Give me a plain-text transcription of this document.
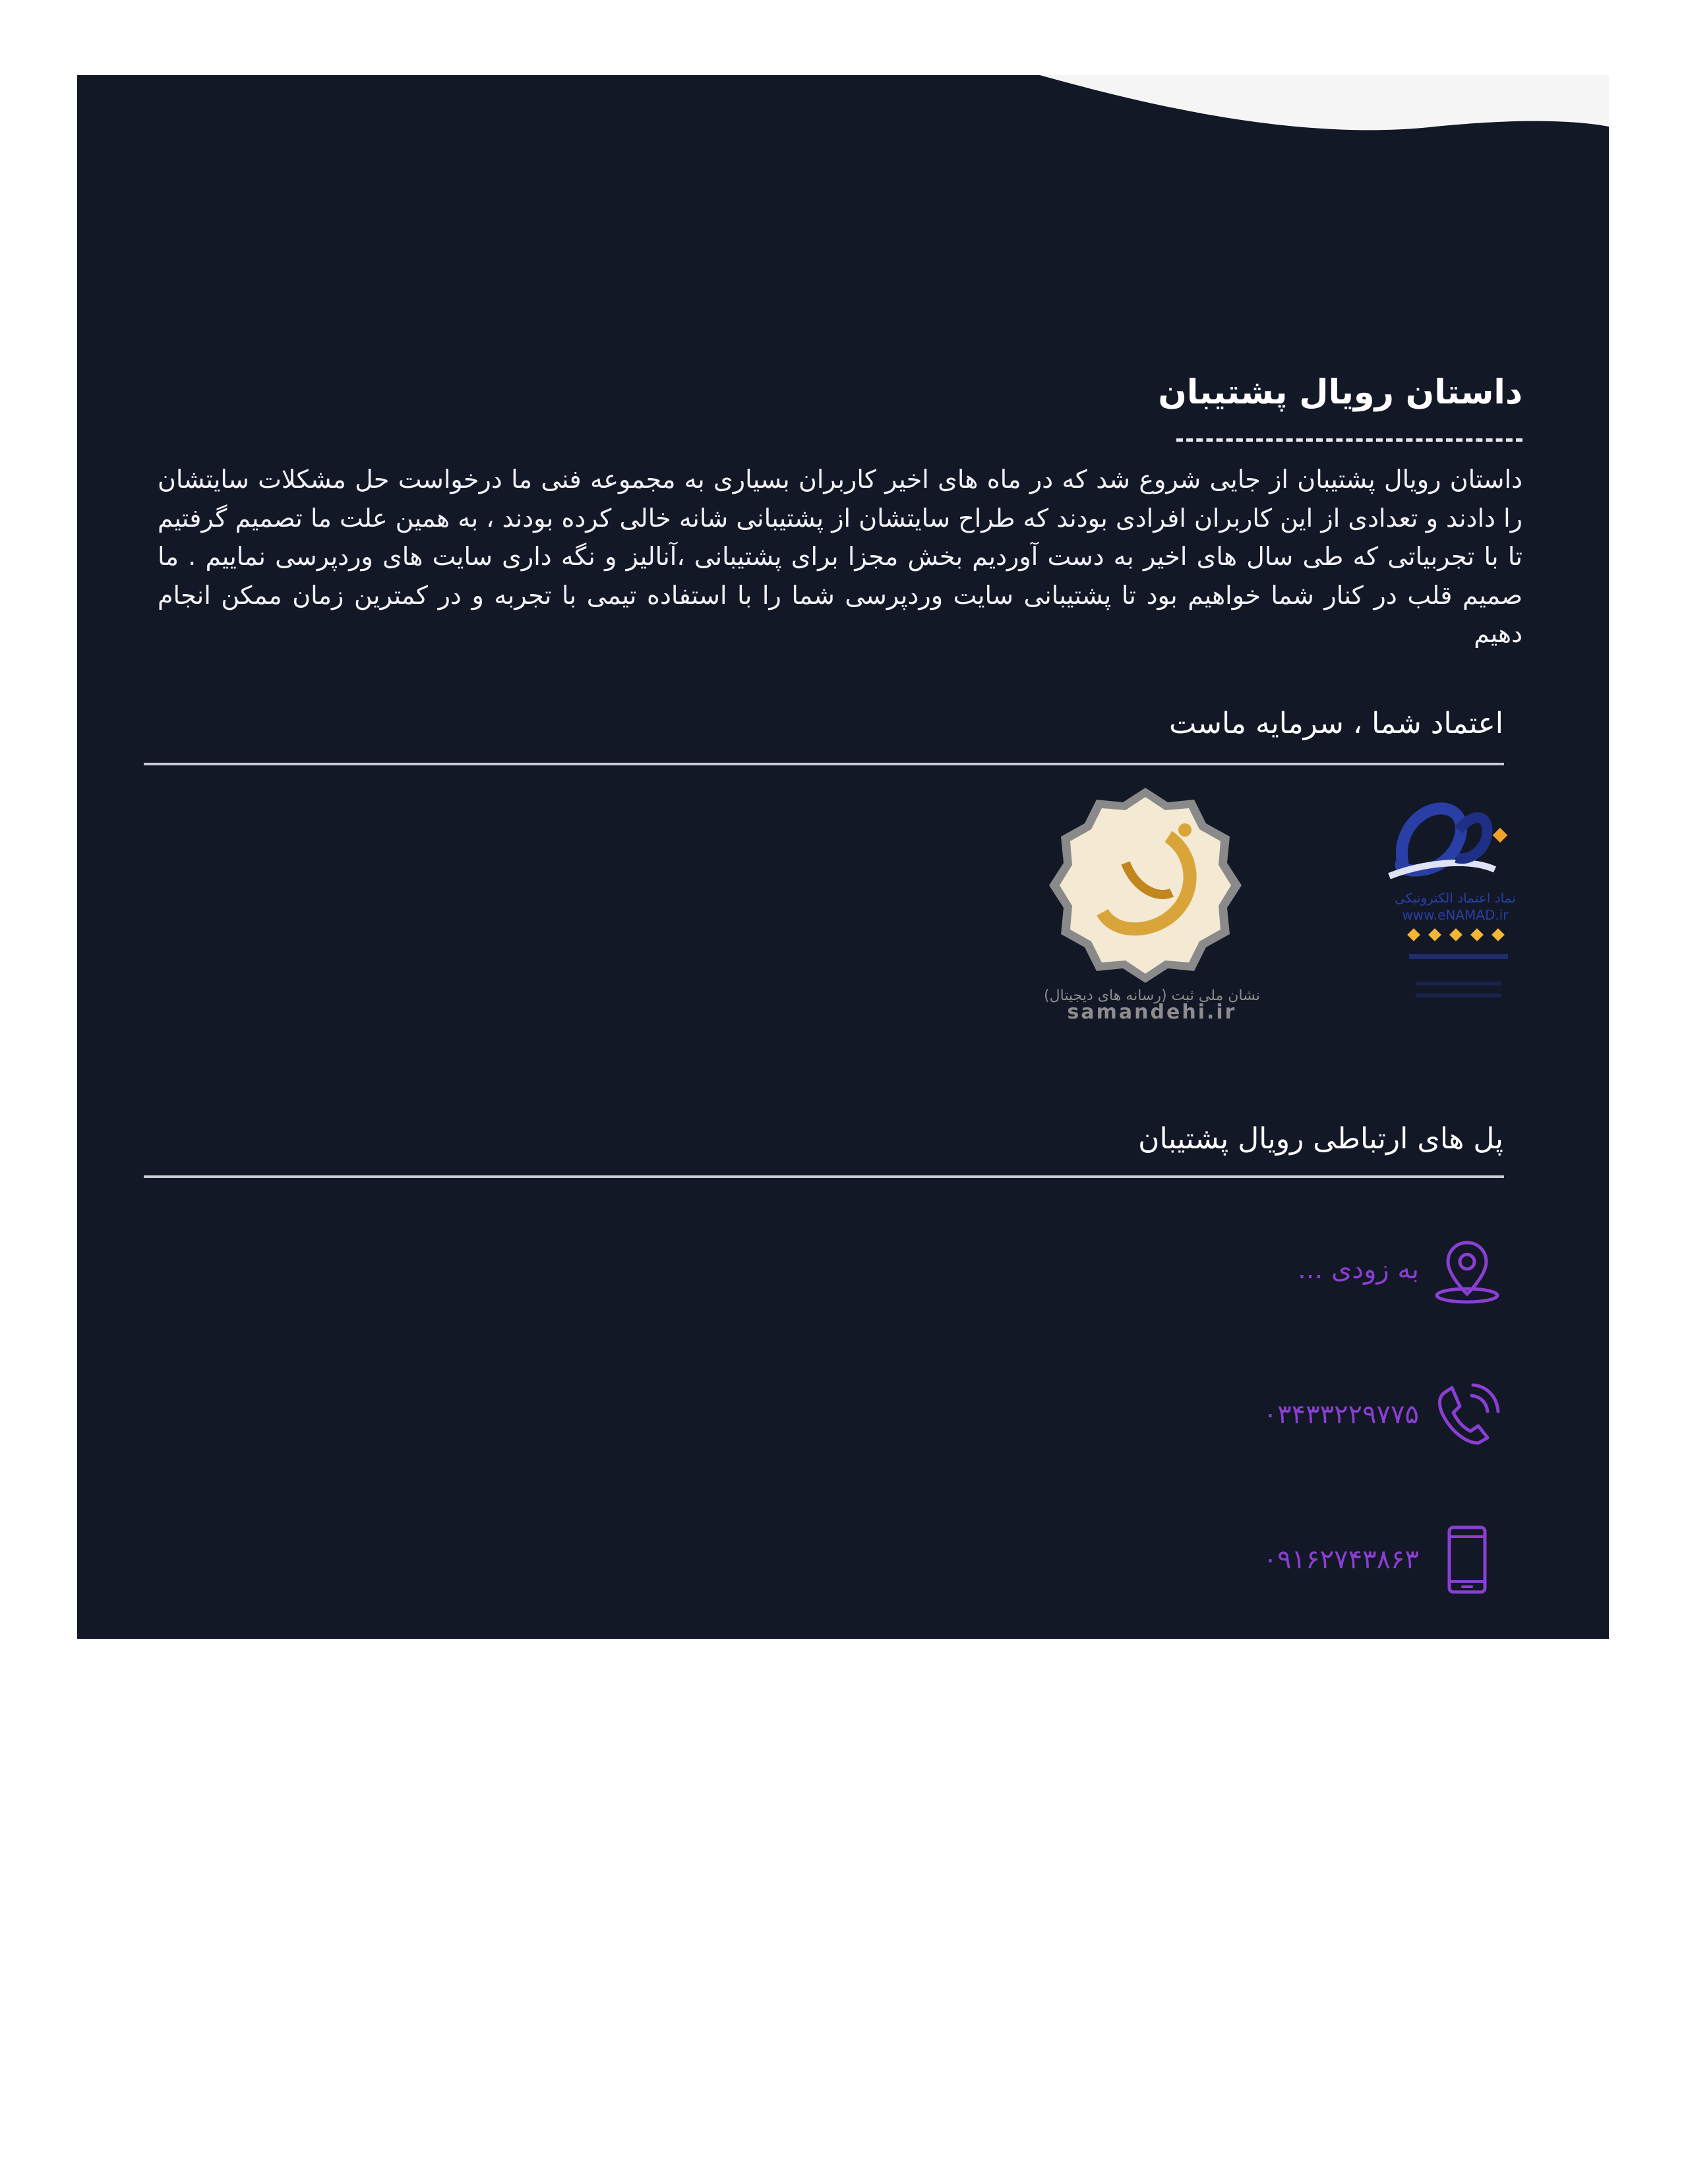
داستان رویال پشتیبان

داستان رویال پشتیبان از جایی شروع شد که در ماه های اخیر کاربران بسیاری به مجموعه فنی ما درخواست حل مشکلات سایتشان را دادند و تعدادی از این کاربران افرادی بودند که طراح سایتشان از پشتیبانی شانه خالی کرده بودند ، به همین علت ما تصمیم گرفتیم تا با تجربیاتی که طی سال های اخیر به دست آوردیم بخش مجزا برای پشتیبانی ،آنالیز و نگه داری سایت های وردپرسی نماییم . ما صمیم قلب در کنار شما خواهیم بود تا پشتیبانی سایت وردپرسی شما را با استفاده تیمی با تجربه و در کمترین زمان ممکن انجام دهیم

اعتماد شما ، سرمایه ماست
نماد اعتماد الکترونیکی
www.eNAMAD.ir
نشان ملی ثبت (رسانه های دیجیتال)
samandehi.ir
پل های ارتباطی رویال پشتیبان
به زودی ...
۰۳۴۳۳۲۲۹۷۷۵
۰۹۱۶۲۷۴۳۸۶۳
